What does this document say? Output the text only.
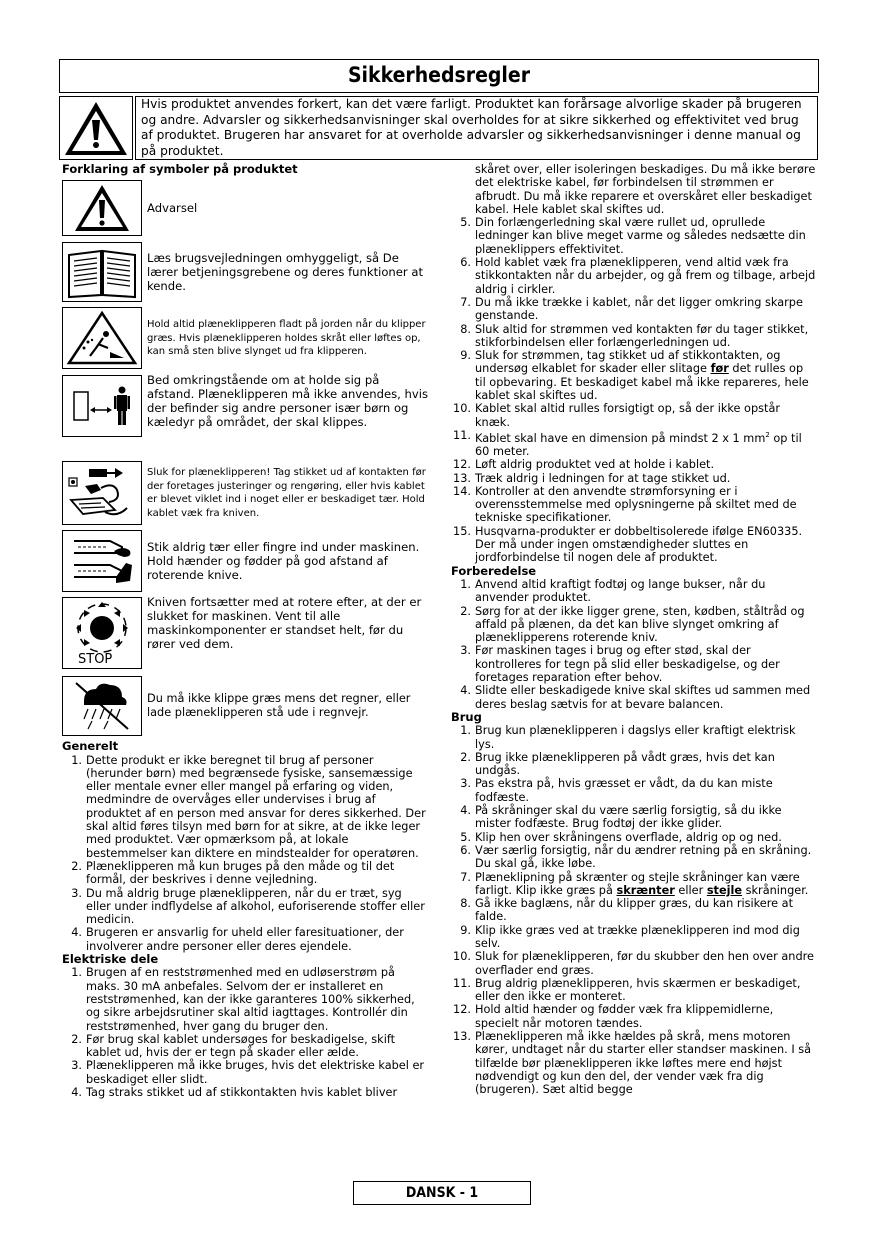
Sikkerhedsregler
Hvis produktet anvendes forkert, kan det være farligt. Produktet kan forårsage alvorlige skader på brugeren og andre. Advarsler og sikkerhedsanvisninger skal overholdes for at sikre sikkerhed og effektivitet ved brug af produktet. Brugeren har ansvaret for at overholde advarsler og sikkerhedsanvisninger i denne manual og på produktet.
Forklaring af symboler på produktet
Advarsel
Læs brugsvejledningen omhyggeligt, så De lærer betjeningsgrebene og deres funktioner at kende.
Hold altid plæneklipperen fladt på jorden når du klipper græs. Hvis plæneklipperen holdes skråt eller løftes op, kan små sten blive slynget ud fra klipperen.
Bed omkringstående om at holde sig på afstand. Plæneklipperen må ikke anvendes, hvis der befinder sig andre personer især børn og kæledyr på området, der skal klippes.
Sluk for plæneklipperen! Tag stikket ud af kontakten før der foretages justeringer og rengøring, eller hvis kablet er blevet viklet ind i noget eller er beskadiget tær. Hold kablet væk fra kniven.
Stik aldrig tær eller fingre ind under maskinen. Hold hænder og fødder på god afstand af roterende knive.
STOP
Kniven fortsætter med at rotere efter, at der er slukket for maskinen. Vent til alle maskinkomponenter er standset helt, før du rører ved dem.
Du må ikke klippe græs mens det regner, eller lade plæneklipperen stå ude i regnvejr.
Generelt
1. Dette produkt er ikke beregnet til brug af personer (herunder børn) med begrænsede fysiske, sansemæssige eller mentale evner eller mangel på erfaring og viden, medmindre de overvåges eller undervises i brug af produktet af en person med ansvar for deres sikkerhed. Der skal altid føres tilsyn med børn for at sikre, at de ikke leger med produktet. Vær opmærksom på, at lokale bestemmelser kan diktere en mindstealder for operatøren.
2. Plæneklipperen må kun bruges på den måde og til det formål, der beskrives i denne vejledning.
3. Du må aldrig bruge plæneklipperen, når du er træt, syg eller under indflydelse af alkohol, euforiserende stoffer eller medicin.
4. Brugeren er ansvarlig for uheld eller faresituationer, der involverer andre personer eller deres ejendele.
Elektriske dele
1. Brugen af en reststrømenhed med en udløserstrøm på maks. 30 mA anbefales. Selvom der er installeret en reststrømenhed, kan der ikke garanteres 100% sikkerhed, og sikre arbejdsrutiner skal altid iagttages. Kontrollér din reststrømenhed, hver gang du bruger den.
2. Før brug skal kablet undersøges for beskadigelse, skift kablet ud, hvis der er tegn på skader eller ælde.
3. Plæneklipperen må ikke bruges, hvis det elektriske kabel er beskadiget eller slidt.
4. Tag straks stikket ud af stikkontakten hvis kablet bliver
skåret over, eller isoleringen beskadiges. Du må ikke berøre det elektriske kabel, før forbindelsen til strømmen er afbrudt. Du må ikke reparere et overskåret eller beskadiget kabel. Hele kablet skal skiftes ud.
5. Din forlængerledning skal være rullet ud, oprullede ledninger kan blive meget varme og således nedsætte din plæneklippers effektivitet.
6. Hold kablet væk fra plæneklipperen, vend altid væk fra stikkontakten når du arbejder, og gå frem og tilbage, arbejd aldrig i cirkler.
7. Du må ikke trække i kablet, når det ligger omkring skarpe genstande.
8. Sluk altid for strømmen ved kontakten før du tager stikket, stikforbindelsen eller forlængerledningen ud.
9. Sluk for strømmen, tag stikket ud af stikkontakten, og undersøg elkablet for skader eller slitage før det rulles op til opbevaring. Et beskadiget kabel må ikke repareres, hele kablet skal skiftes ud.
10. Kablet skal altid rulles forsigtigt op, så der ikke opstår knæk.
11. Kablet skal have en dimension på mindst 2 x 1 $mm^2$ op til 60 meter.
12. Løft aldrig produktet ved at holde i kablet.
13. Træk aldrig i ledningen for at tage stikket ud.
14. Kontroller at den anvendte strømforsyning er i overensstemmelse med oplysningerne på skiltet med de tekniske specifikationer.
15. Husqvarna-produkter er dobbeltisolerede ifølge EN60335. Der må under ingen omstændigheder sluttes en jordforbindelse til nogen dele af produktet.
Forberedelse
1. Anvend altid kraftigt fodtøj og lange bukser, når du anvender produktet.
2. Sørg for at der ikke ligger grene, sten, kødben, ståltråd og affald på plænen, da det kan blive slynget omkring af plæneklipperens roterende kniv.
3. Før maskinen tages i brug og efter stød, skal der kontrolleres for tegn på slid eller beskadigelse, og der foretages reparation efter behov.
4. Slidte eller beskadigede knive skal skiftes ud sammen med deres beslag sætvis for at bevare balancen.
Brug
1. Brug kun plæneklipperen i dagslys eller kraftigt elektrisk lys.
2. Brug ikke plæneklipperen på vådt græs, hvis det kan undgås.
3. Pas ekstra på, hvis græsset er vådt, da du kan miste fodfæste.
4. På skråninger skal du være særlig forsigtig, så du ikke mister fodfæste. Brug fodtøj der ikke glider.
5. Klip hen over skråningens overflade, aldrig op og ned.
6. Vær særlig forsigtig, når du ændrer retning på en skråning. Du skal gå, ikke løbe.
7. Plæneklipning på skrænter og stejle skråninger kan være farligt. Klip ikke græs på skrænter eller stejle skråninger.
8. Gå ikke baglæns, når du klipper græs, du kan risikere at falde.
9. Klip ikke græs ved at trække plæneklipperen ind mod dig selv.
10. Sluk for plæneklipperen, før du skubber den hen over andre overflader end græs.
11. Brug aldrig plæneklipperen, hvis skærmen er beskadiget, eller den ikke er monteret.
12. Hold altid hænder og fødder væk fra klippemidlerne, specielt når motoren tændes.
13. Plæneklipperen må ikke hældes på skrå, mens motoren kører, undtaget når du starter eller standser maskinen. I så tilfælde bør plæneklipperen ikke løftes mere end højst nødvendigt og kun den del, der vender væk fra dig (brugeren). Sæt altid begge
DANSK - 1
